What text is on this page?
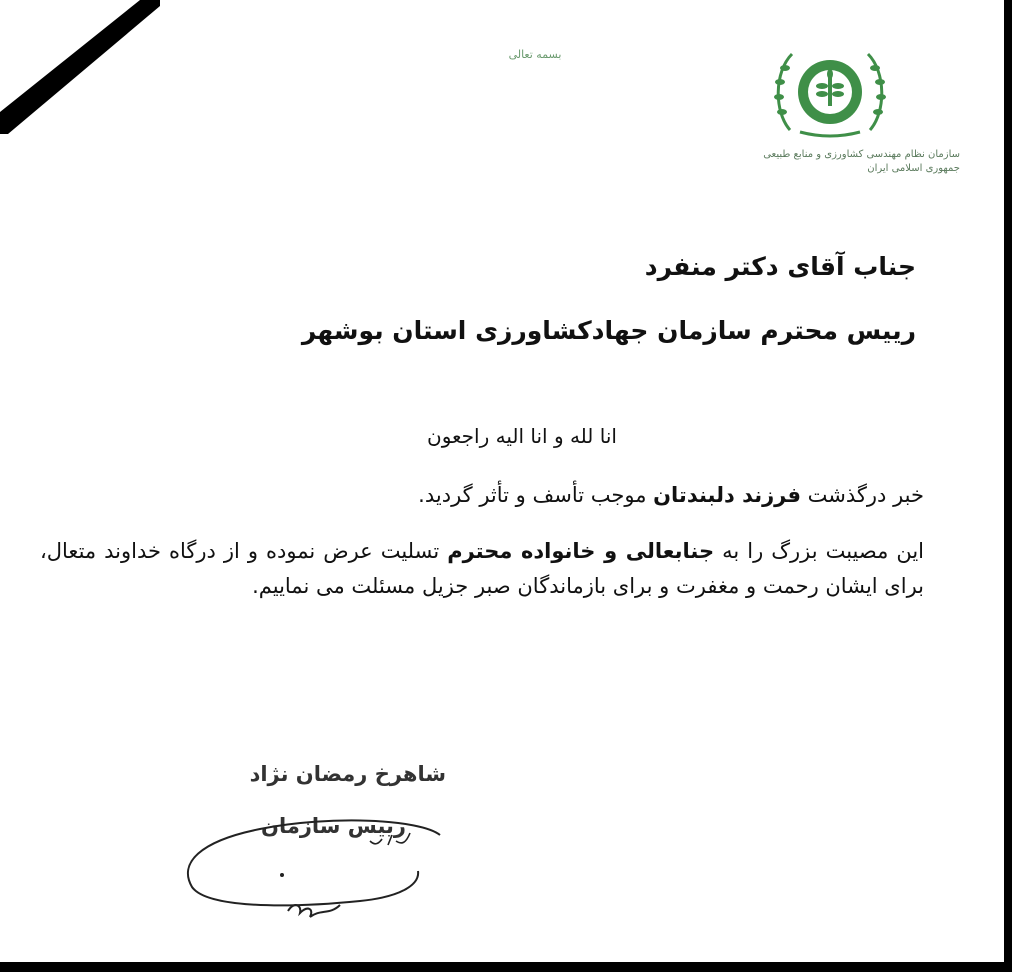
بسمه تعالی
سازمان نظام مهندسی کشاورزی و منابع طبیعی
جمهوری اسلامی ایران
جناب آقای دکتر منفرد
رییس محترم سازمان جهادکشاورزی استان بوشهر
انا لله و انا الیه راجعون
خبر درگذشت فرزند دلبندتان موجب تأسف و تأثر گردید.
این مصیبت بزرگ را به جنابعالی و خانواده محترم تسلیت عرض نموده و از درگاه خداوند متعال، برای ایشان رحمت و مغفرت و برای بازماندگان صبر جزیل مسئلت می نماییم.
شاهرخ رمضان نژاد
رییس سازمان
